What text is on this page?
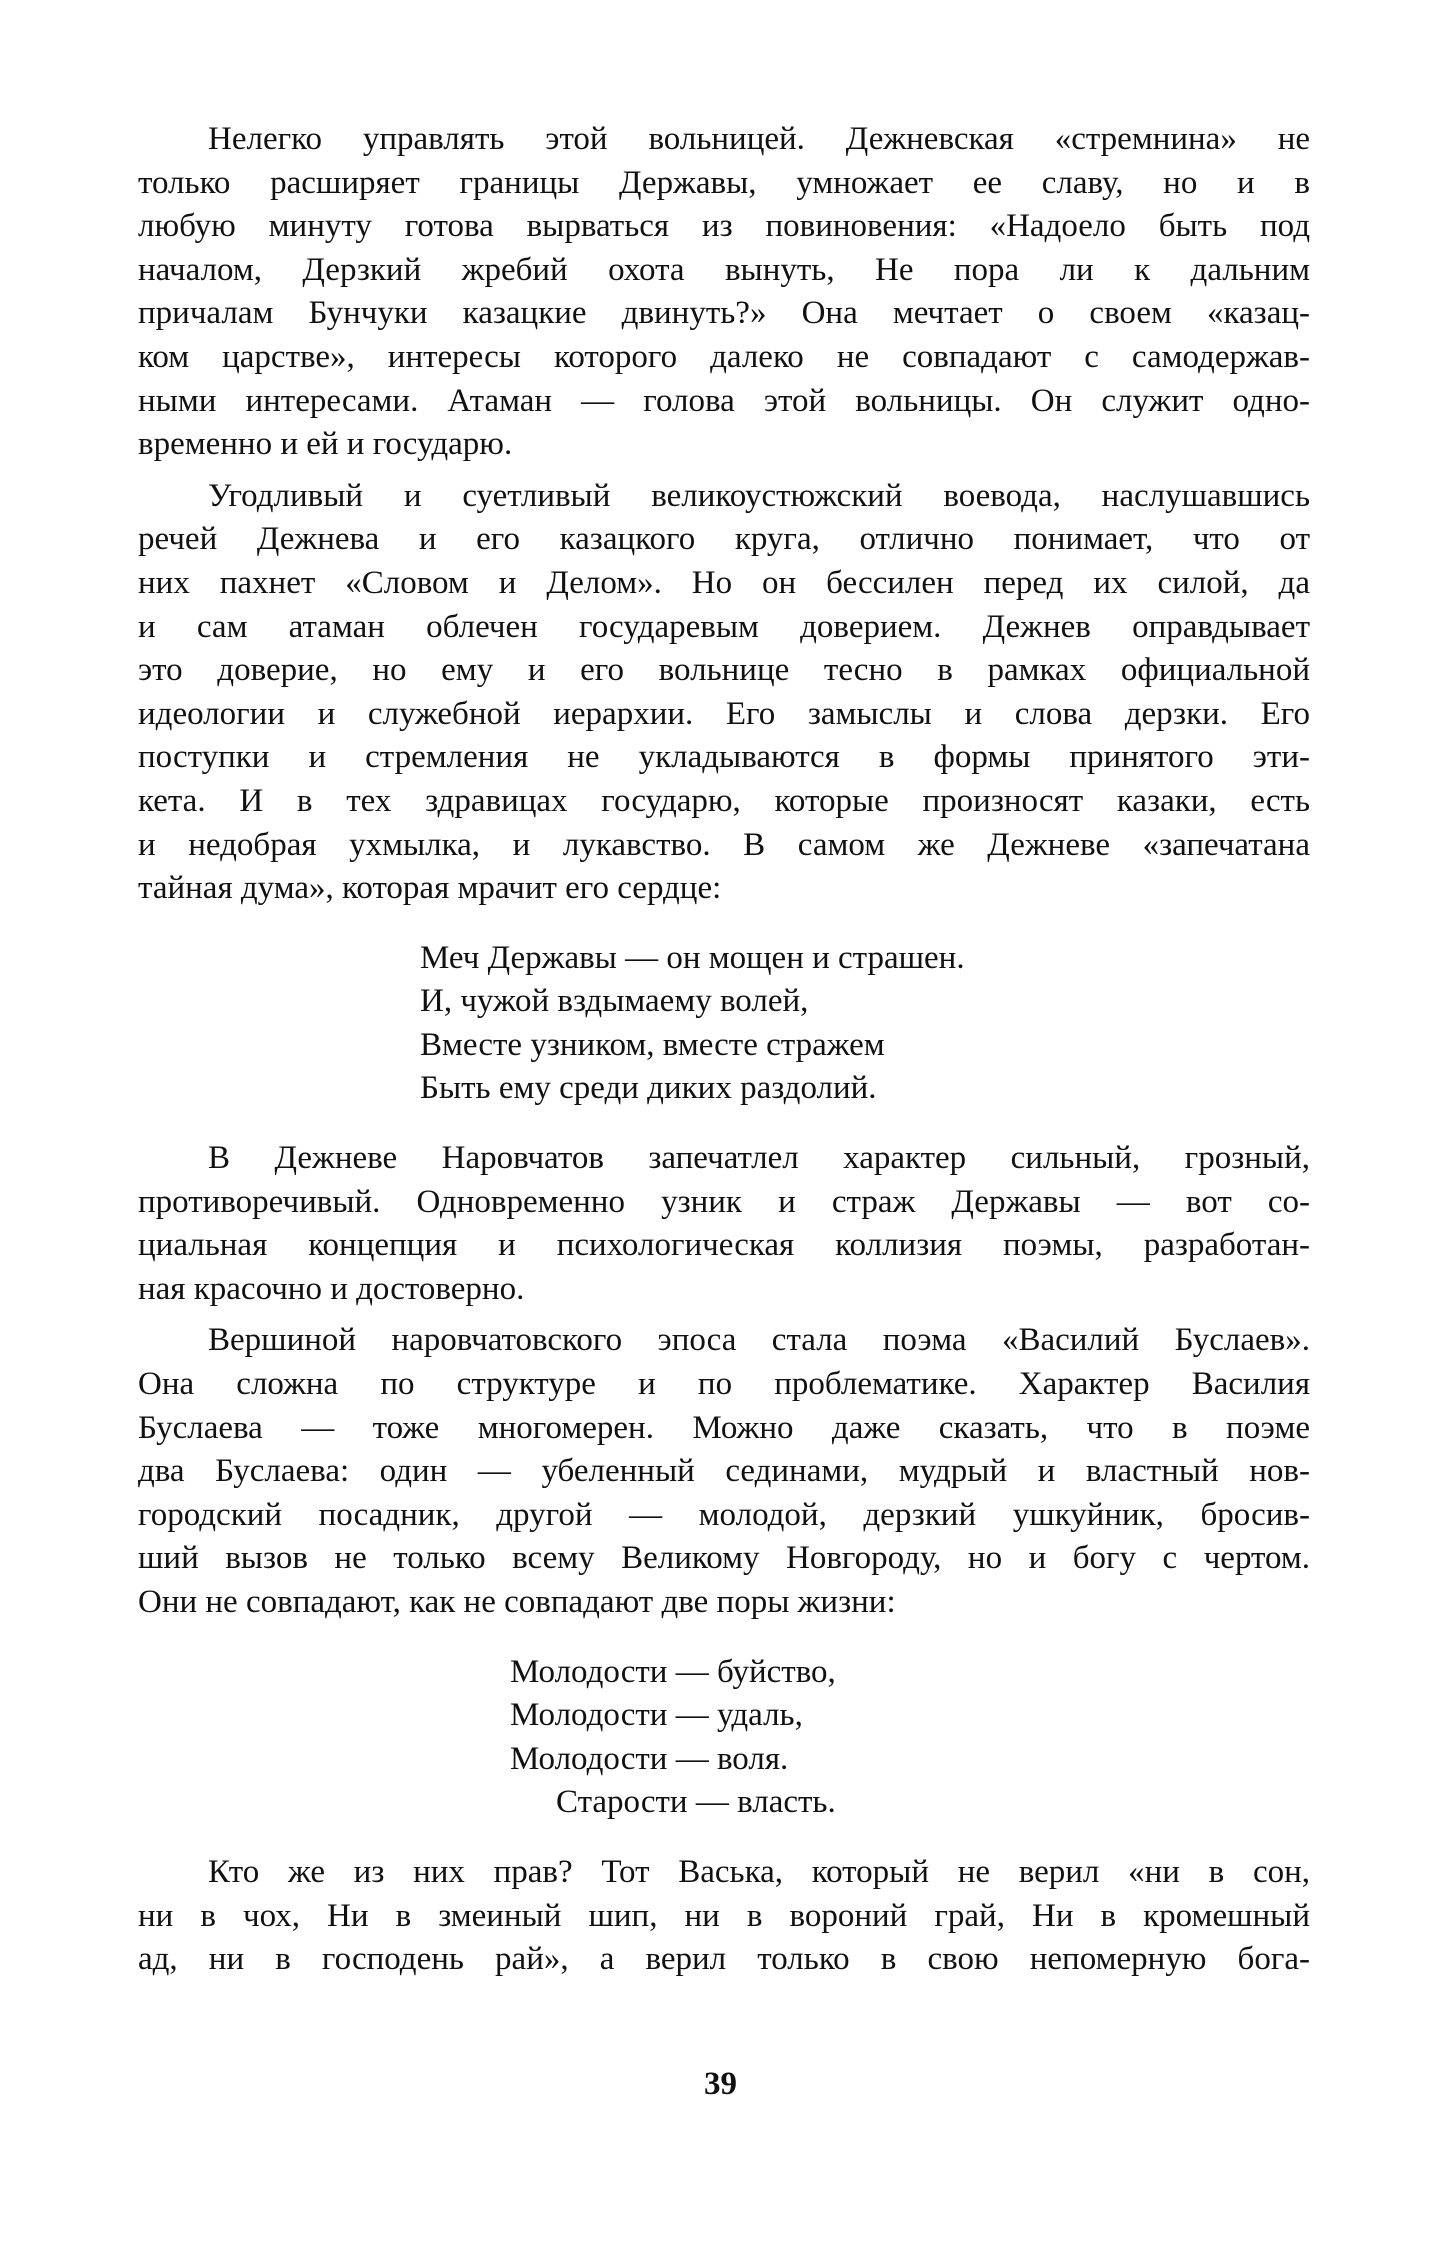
Нелегко управлять этой вольницей. Дежневская «стремнина» не
только расширяет границы Державы, умножает ее славу, но и в
любую минуту готова вырваться из повиновения: «Надоело быть под
началом, Дерзкий жребий охота вынуть, Не пора ли к дальним
причалам Бунчуки казацкие двинуть?» Она мечтает о своем «казац-
ком царстве», интересы которого далеко не совпадают с самодержав-
ными интересами. Атаман — голова этой вольницы. Он служит одно-
временно и ей и государю.

Угодливый и суетливый великоустюжский воевода, наслушавшись
речей Дежнева и его казацкого круга, отлично понимает, что от
них пахнет «Словом и Делом». Но он бессилен перед их силой, да
и сам атаман облечен государевым доверием. Дежнев оправдывает
это доверие, но ему и его вольнице тесно в рамках официальной
идеологии и служебной иерархии. Его замыслы и слова дерзки. Его
поступки и стремления не укладываются в формы принятого эти-
кета. И в тех здравицах государю, которые произносят казаки, есть
и недобрая ухмылка, и лукавство. В самом же Дежневе «запечатана
тайная дума», которая мрачит его сердце:

Меч Державы — он мощен и страшен.
И, чужой вздымаему волей,
Вместе узником, вместе стражем
Быть ему среди диких раздолий.

В Дежневе Наровчатов запечатлел характер сильный, грозный,
противоречивый. Одновременно узник и страж Державы — вот со-
циальная концепция и психологическая коллизия поэмы, разработан-
ная красочно и достоверно.

Вершиной наровчатовского эпоса стала поэма «Василий Буслаев».
Она сложна по структуре и по проблематике. Характер Василия
Буслаева — тоже многомерен. Можно даже сказать, что в поэме
два Буслаева: один — убеленный сединами, мудрый и властный нов-
городский посадник, другой — молодой, дерзкий ушкуйник, бросив-
ший вызов не только всему Великому Новгороду, но и богу с чертом.
Они не совпадают, как не совпадают две поры жизни:

Молодости — буйство,
Молодости — удаль,
Молодости — воля.
Старости — власть.

Кто же из них прав? Тот Васька, который не верил «ни в сон,
ни в чох, Ни в змеиный шип, ни в вороний грай, Ни в кромешный
ад, ни в господень рай», а верил только в свою непомерную бога-

39
